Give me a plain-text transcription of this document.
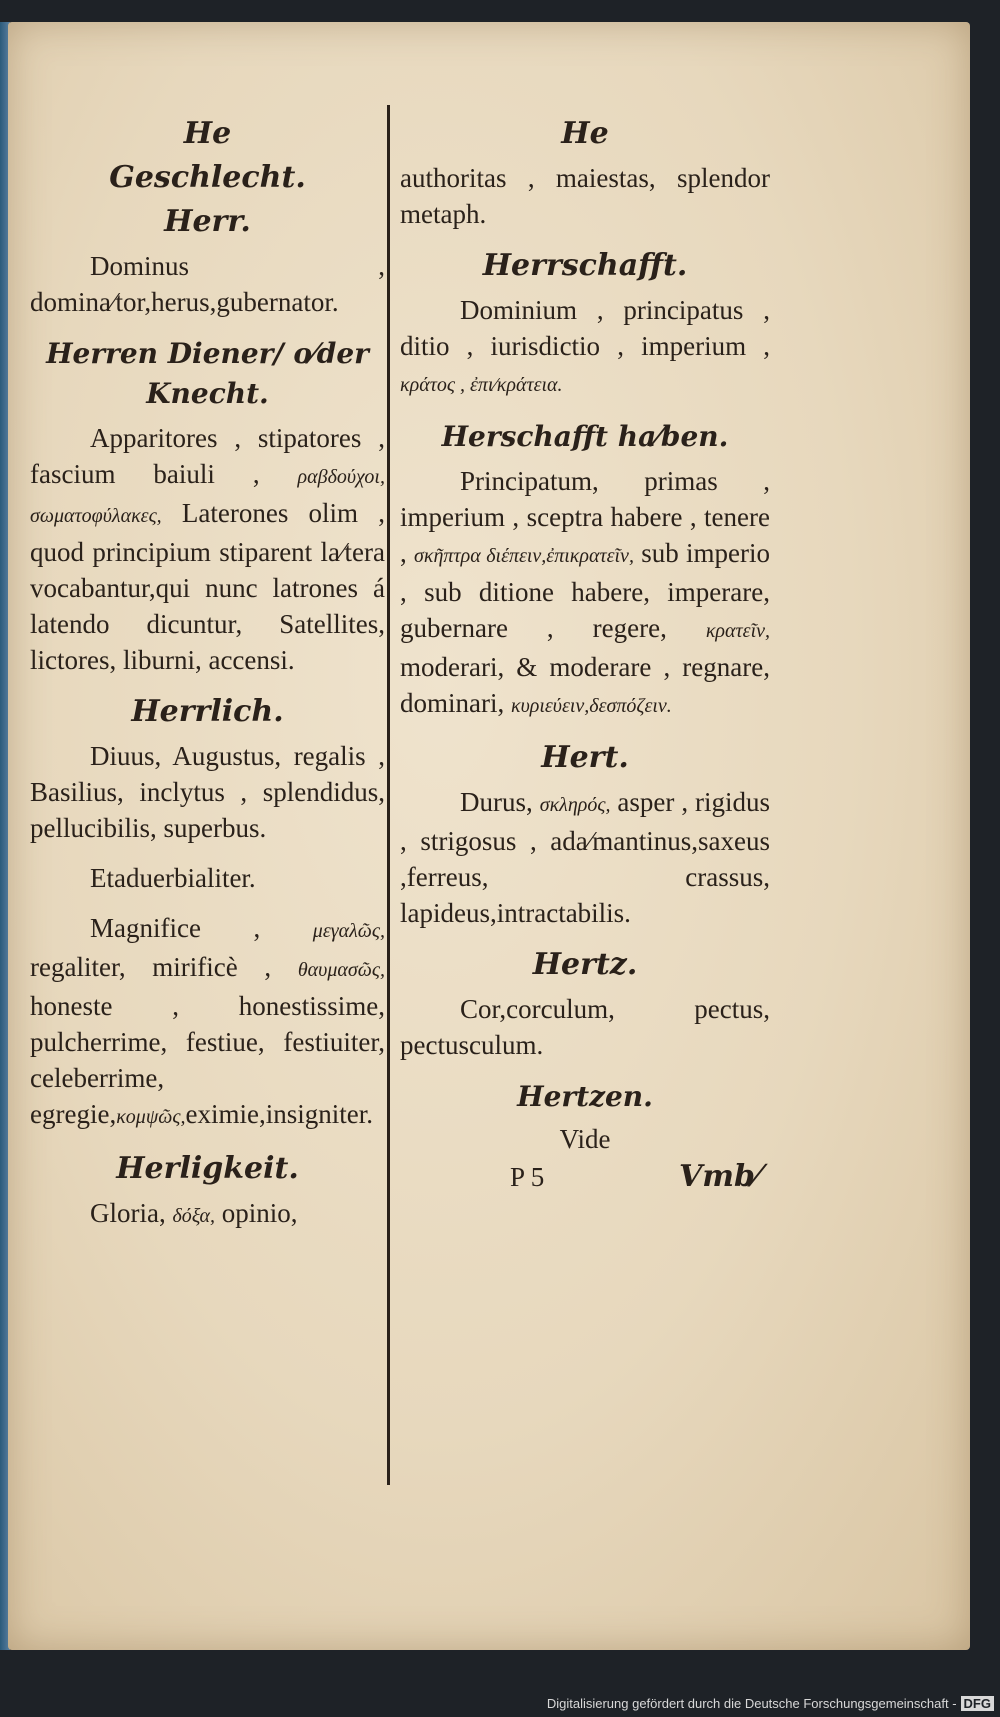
He
Geschlecht.
Herr.
Dominus , domina⁄tor,herus,gubernator.
Herren Diener/ o⁄der Knecht.
Apparitores , stipatores , fascium baiuli , ραβδούχοι, σωματοφύλακες, Laterones olim , quod principium stiparent la⁄tera vocabantur,qui nunc latrones á latendo dicuntur, Satellites, lictores, liburni, accensi.
Herrlich.
Diuus, Augustus, regalis , Basilius, inclytus , splendidus, pellucibilis, superbus.
Etaduerbialiter.
Magnifice ,	μεγαλῶς, regaliter, mirificè , θαυμασῶς, honeste , honestissime, pulcherrime, festiue, festiuiter, celeberrime, egregie,κομψῶς,eximie,insigniter.
Herligkeit.
Gloria, δόξα, opinio,
He
authoritas , maiestas, splendor metaph.
Herrschafft.
Dominium , principatus , ditio , iurisdictio , imperium , κράτος , ἐπι⁄κράτεια.
Herschafft ha⁄ben.
Principatum, primas , imperium , sceptra habere , tenere , σκῆπτρα διέπειν,ἐπικρατεῖν, sub imperio , sub ditione habere, imperare, gubernare , regere, κρατεῖν, moderari, & moderare , regnare, dominari, κυριεύειν,δεσπόζειν.
Hert.
Durus, σκληρός, asper , rigidus , strigosus , ada⁄mantinus,saxeus ,ferreus, crassus, lapideus,intractabilis.
Hertz.
Cor,corculum, pectus, pectusculum.
Hertzen.
Vide
P 5	Vmb⁄
Digitalisierung gefördert durch die Deutsche Forschungsgemeinschaft - DFG
